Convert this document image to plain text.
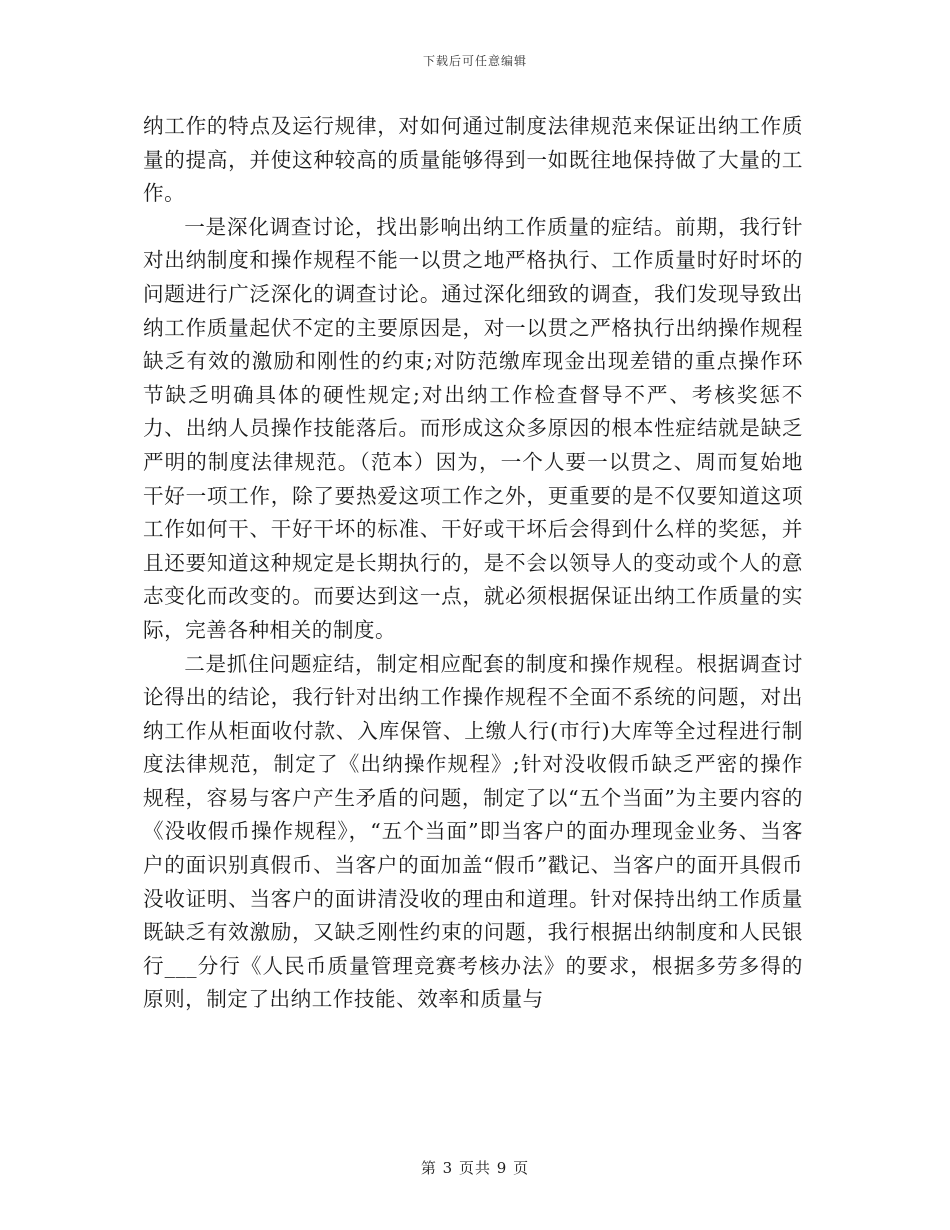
下载后可任意编辑

纳工作的特点及运行规律，对如何通过制度法律规范来保证出纳工作质量的提高，并使这种较高的质量能够得到一如既往地保持做了大量的工作。

一是深化调查讨论，找出影响出纳工作质量的症结。前期，我行针对出纳制度和操作规程不能一以贯之地严格执行、工作质量时好时坏的问题进行广泛深化的调查讨论。通过深化细致的调查，我们发现导致出纳工作质量起伏不定的主要原因是，对一以贯之严格执行出纳操作规程缺乏有效的激励和刚性的约束;对防范缴库现金出现差错的重点操作环节缺乏明确具体的硬性规定;对出纳工作检查督导不严、考核奖惩不力、出纳人员操作技能落后。而形成这众多原因的根本性症结就是缺乏严明的制度法律规范。（范本）因为，一个人要一以贯之、周而复始地干好一项工作，除了要热爱这项工作之外，更重要的是不仅要知道这项工作如何干、干好干坏的标准、干好或干坏后会得到什么样的奖惩，并且还要知道这种规定是长期执行的，是不会以领导人的变动或个人的意志变化而改变的。而要达到这一点，就必须根据保证出纳工作质量的实际，完善各种相关的制度。

二是抓住问题症结，制定相应配套的制度和操作规程。根据调查讨论得出的结论，我行针对出纳工作操作规程不全面不系统的问题，对出纳工作从柜面收付款、入库保管、上缴人行(市行)大库等全过程进行制度法律规范，制定了《出纳操作规程》;针对没收假币缺乏严密的操作规程，容易与客户产生矛盾的问题，制定了以“五个当面”为主要内容的《没收假币操作规程》，“五个当面”即当客户的面办理现金业务、当客户的面识别真假币、当客户的面加盖“假币”戳记、当客户的面开具假币没收证明、当客户的面讲清没收的理由和道理。针对保持出纳工作质量既缺乏有效激励，又缺乏刚性约束的问题，我行根据出纳制度和人民银行___分行《人民币质量管理竞赛考核办法》的要求，根据多劳多得的原则，制定了出纳工作技能、效率和质量与

第 3 页共 9 页
